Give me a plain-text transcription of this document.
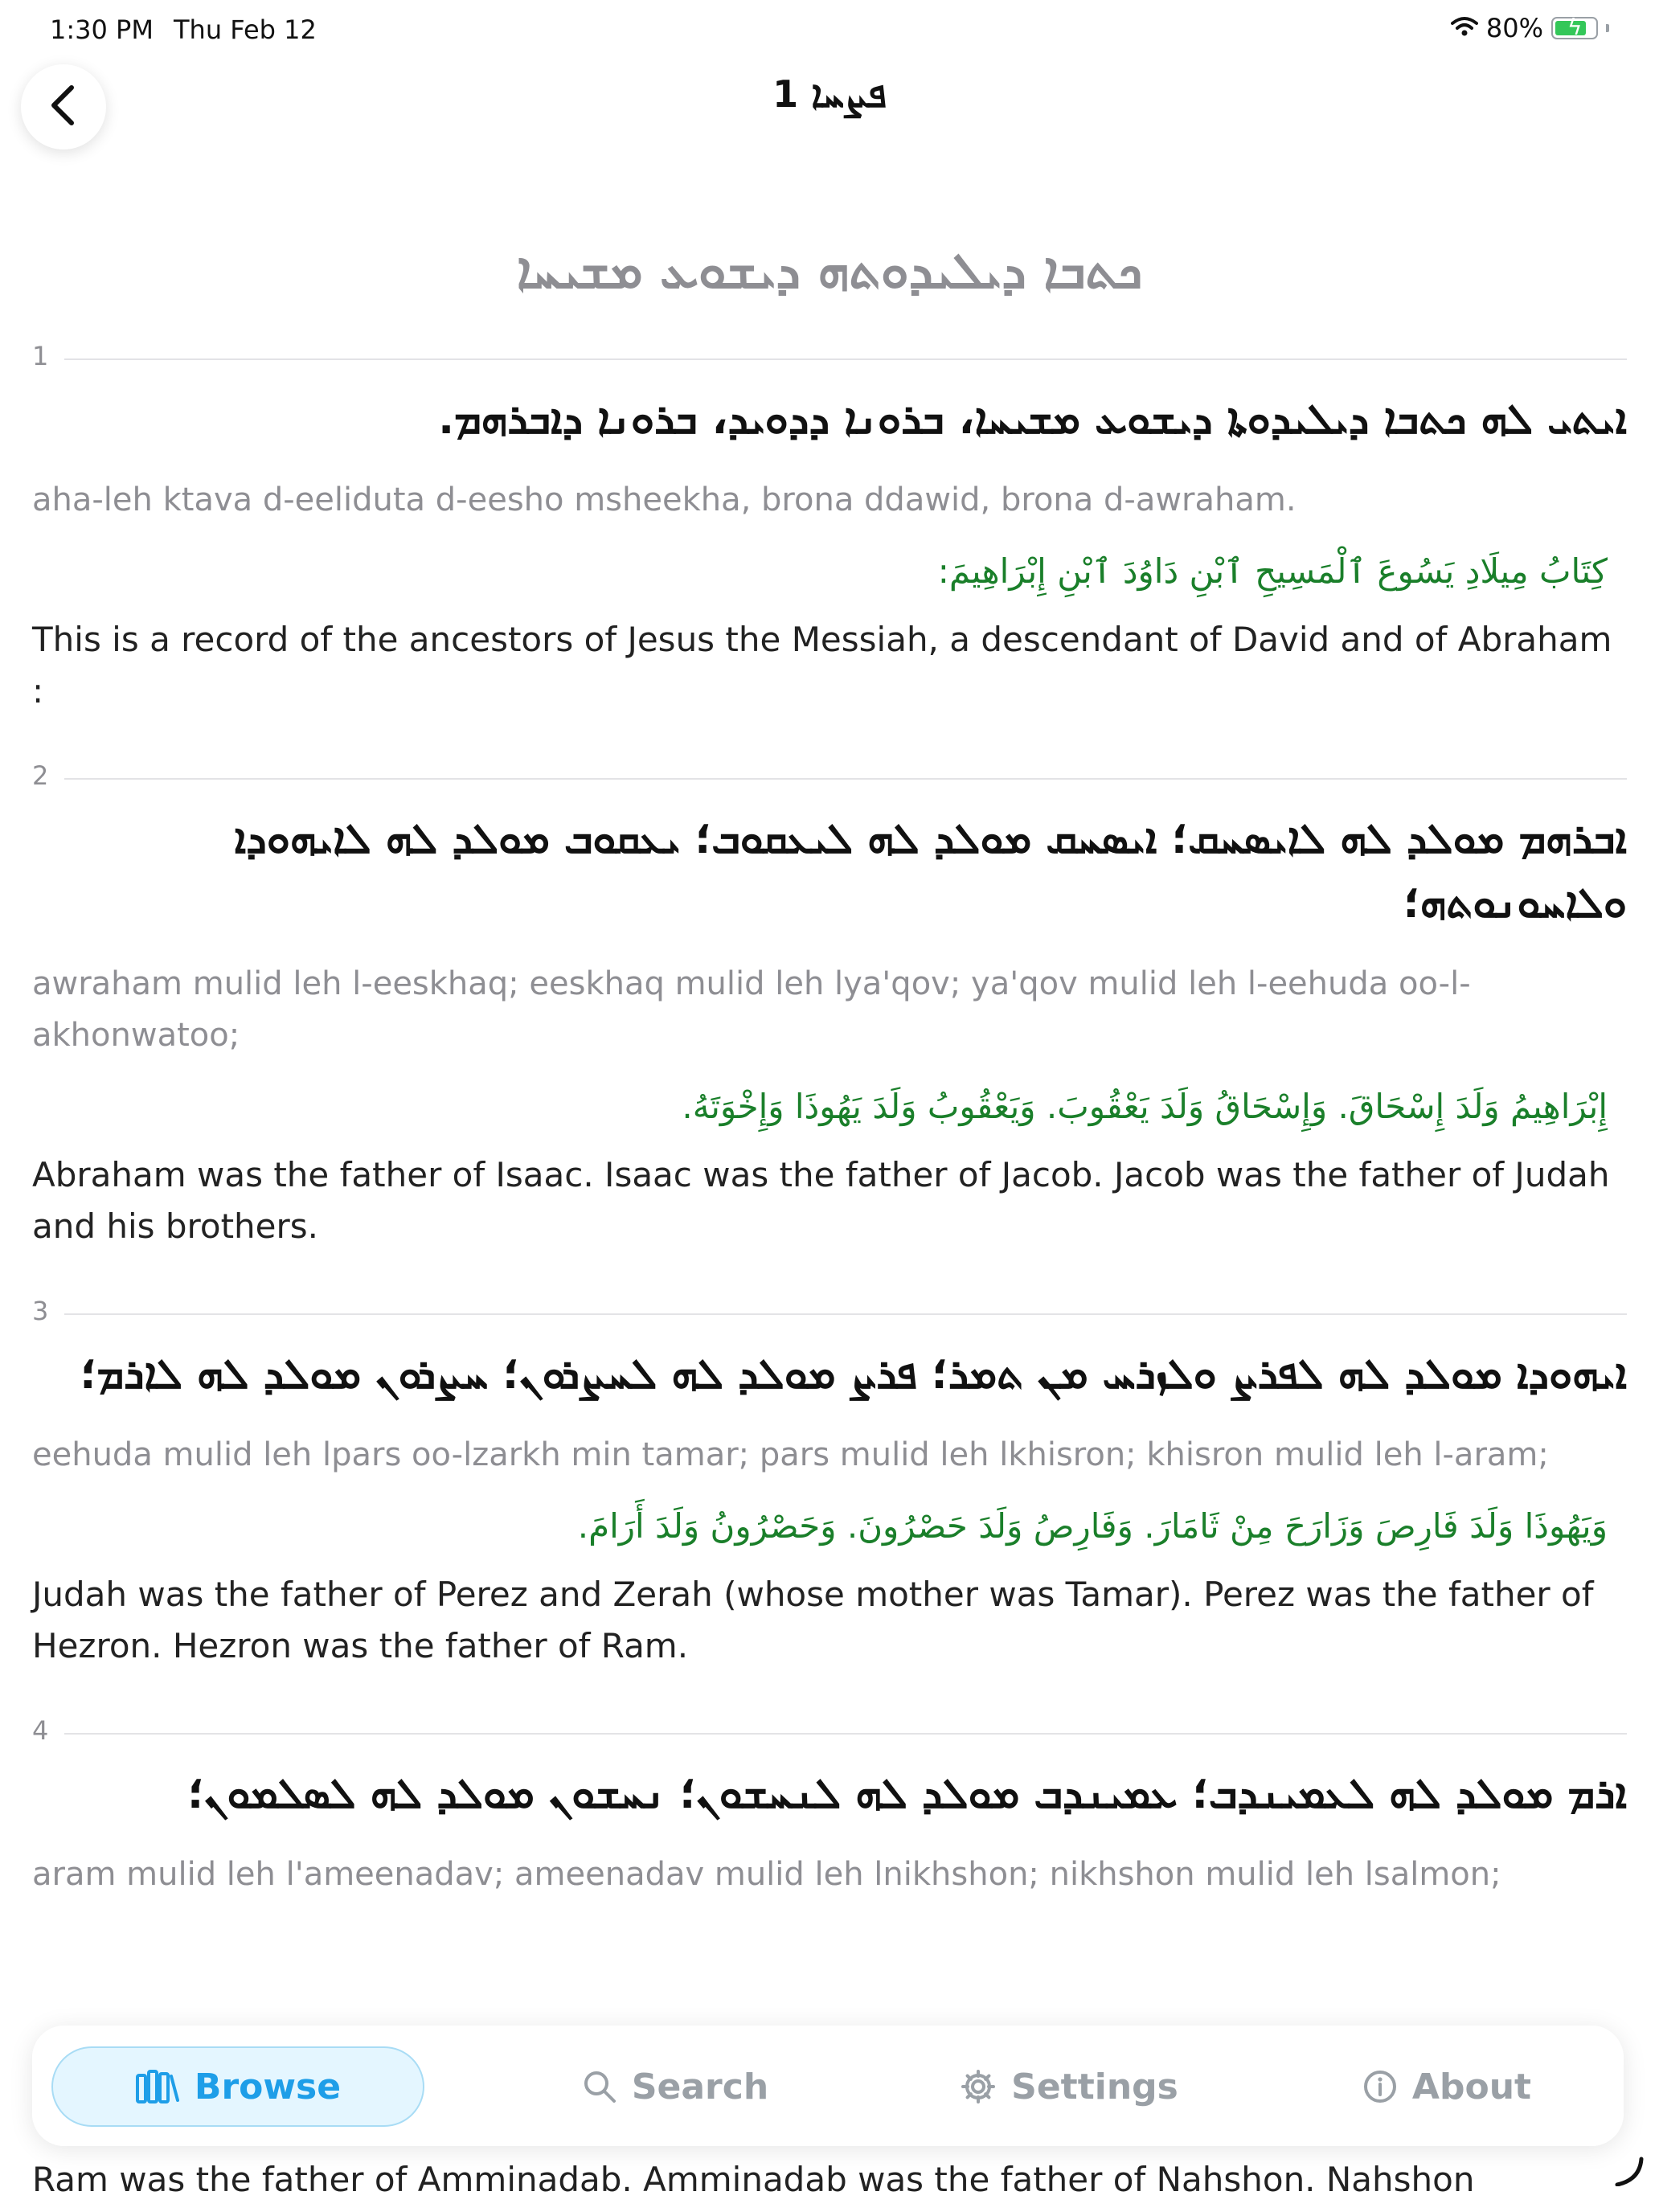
1:30 PM Thu Feb 12	80% ϟ
ܦܨܚܐ 1
ܟܬܒܐ ܕܝܠܝܕܘܬܗ ܕܝܫܘܥ ܡܫܝܚܐ
1
ܐܝܬܝ ܠܗ ܟܬܒܐ ܕܝܠܝܕܘܬܐ ܕܝܫܘܥ ܡܫܝܚܐ، ܒܪܘܢܐ ܕܕܘܝܕ، ܒܪܘܢܐ ܕܐܒܪܗܡ.
aha-leh ktava d-eeliduta d-eesho msheekha, brona ddawid, brona d-awraham.
كِتَابُ مِيلَادِ يَسُوعَ ٱلْمَسِيحِ ٱبْنِ دَاوُدَ ٱبْنِ إِبْرَاهِيمَ:
This is a record of the ancestors of Jesus the Messiah, a descendant of David and of Abraham :
2
ܐܒܪܗܡ ܡܘܠܕ ܠܗ ܠܐܝܣܚܩ؛ ܐܝܣܚܩ ܡܘܠܕ ܠܗ ܠܝܥܩܘܒ؛ ܝܥܩܘܒ ܡܘܠܕ ܠܗ ܠܐܝܗܘܕܐ ܘܠܐܚܘܢܘܬܗ؛
awraham mulid leh l-eeskhaq; eeskhaq mulid leh lya'qov; ya'qov mulid leh l-eehuda oo-l-akhonwatoo;
إِبْرَاهِيمُ وَلَدَ إِسْحَاقَ. وَإِسْحَاقُ وَلَدَ يَعْقُوبَ. وَيَعْقُوبُ وَلَدَ يَهُوذَا وَإِخْوَتَهُ.
Abraham was the father of Isaac. Isaac was the father of Jacob. Jacob was the father of Judah and his brothers.
3
ܐܝܗܘܕܐ ܡܘܠܕ ܠܗ ܠܦܪܨ ܘܠܙܪܚ ܡܢ ܬܡܪ؛ ܦܪܨ ܡܘܠܕ ܠܗ ܠܚܨܪܘܢ؛ ܚܨܪܘܢ ܡܘܠܕ ܠܗ ܠܐܪܡ؛
eehuda mulid leh lpars oo-lzarkh min tamar; pars mulid leh lkhisron; khisron mulid leh l-aram;
وَيَهُوذَا وَلَدَ فَارِصَ وَزَارَحَ مِنْ ثَامَارَ. وَفَارِصُ وَلَدَ حَصْرُونَ. وَحَصْرُونُ وَلَدَ أَرَامَ.
Judah was the father of Perez and Zerah (whose mother was Tamar). Perez was the father of Hezron. Hezron was the father of Ram.
4
ܐܪܡ ܡܘܠܕ ܠܗ ܠܥܡܝܢܕܒ؛ ܥܡܝܢܕܒ ܡܘܠܕ ܠܗ ܠܢܚܫܘܢ؛ ܢܚܫܘܢ ܡܘܠܕ ܠܗ ܠܣܠܡܘܢ؛
aram mulid leh l'ameenadav; ameenadav mulid leh lnikhshon; nikhshon mulid leh lsalmon;
Ram was the father of Amminadab. Amminadab was the father of Nahshon. Nahshon
Browse	Search	Settings	About
